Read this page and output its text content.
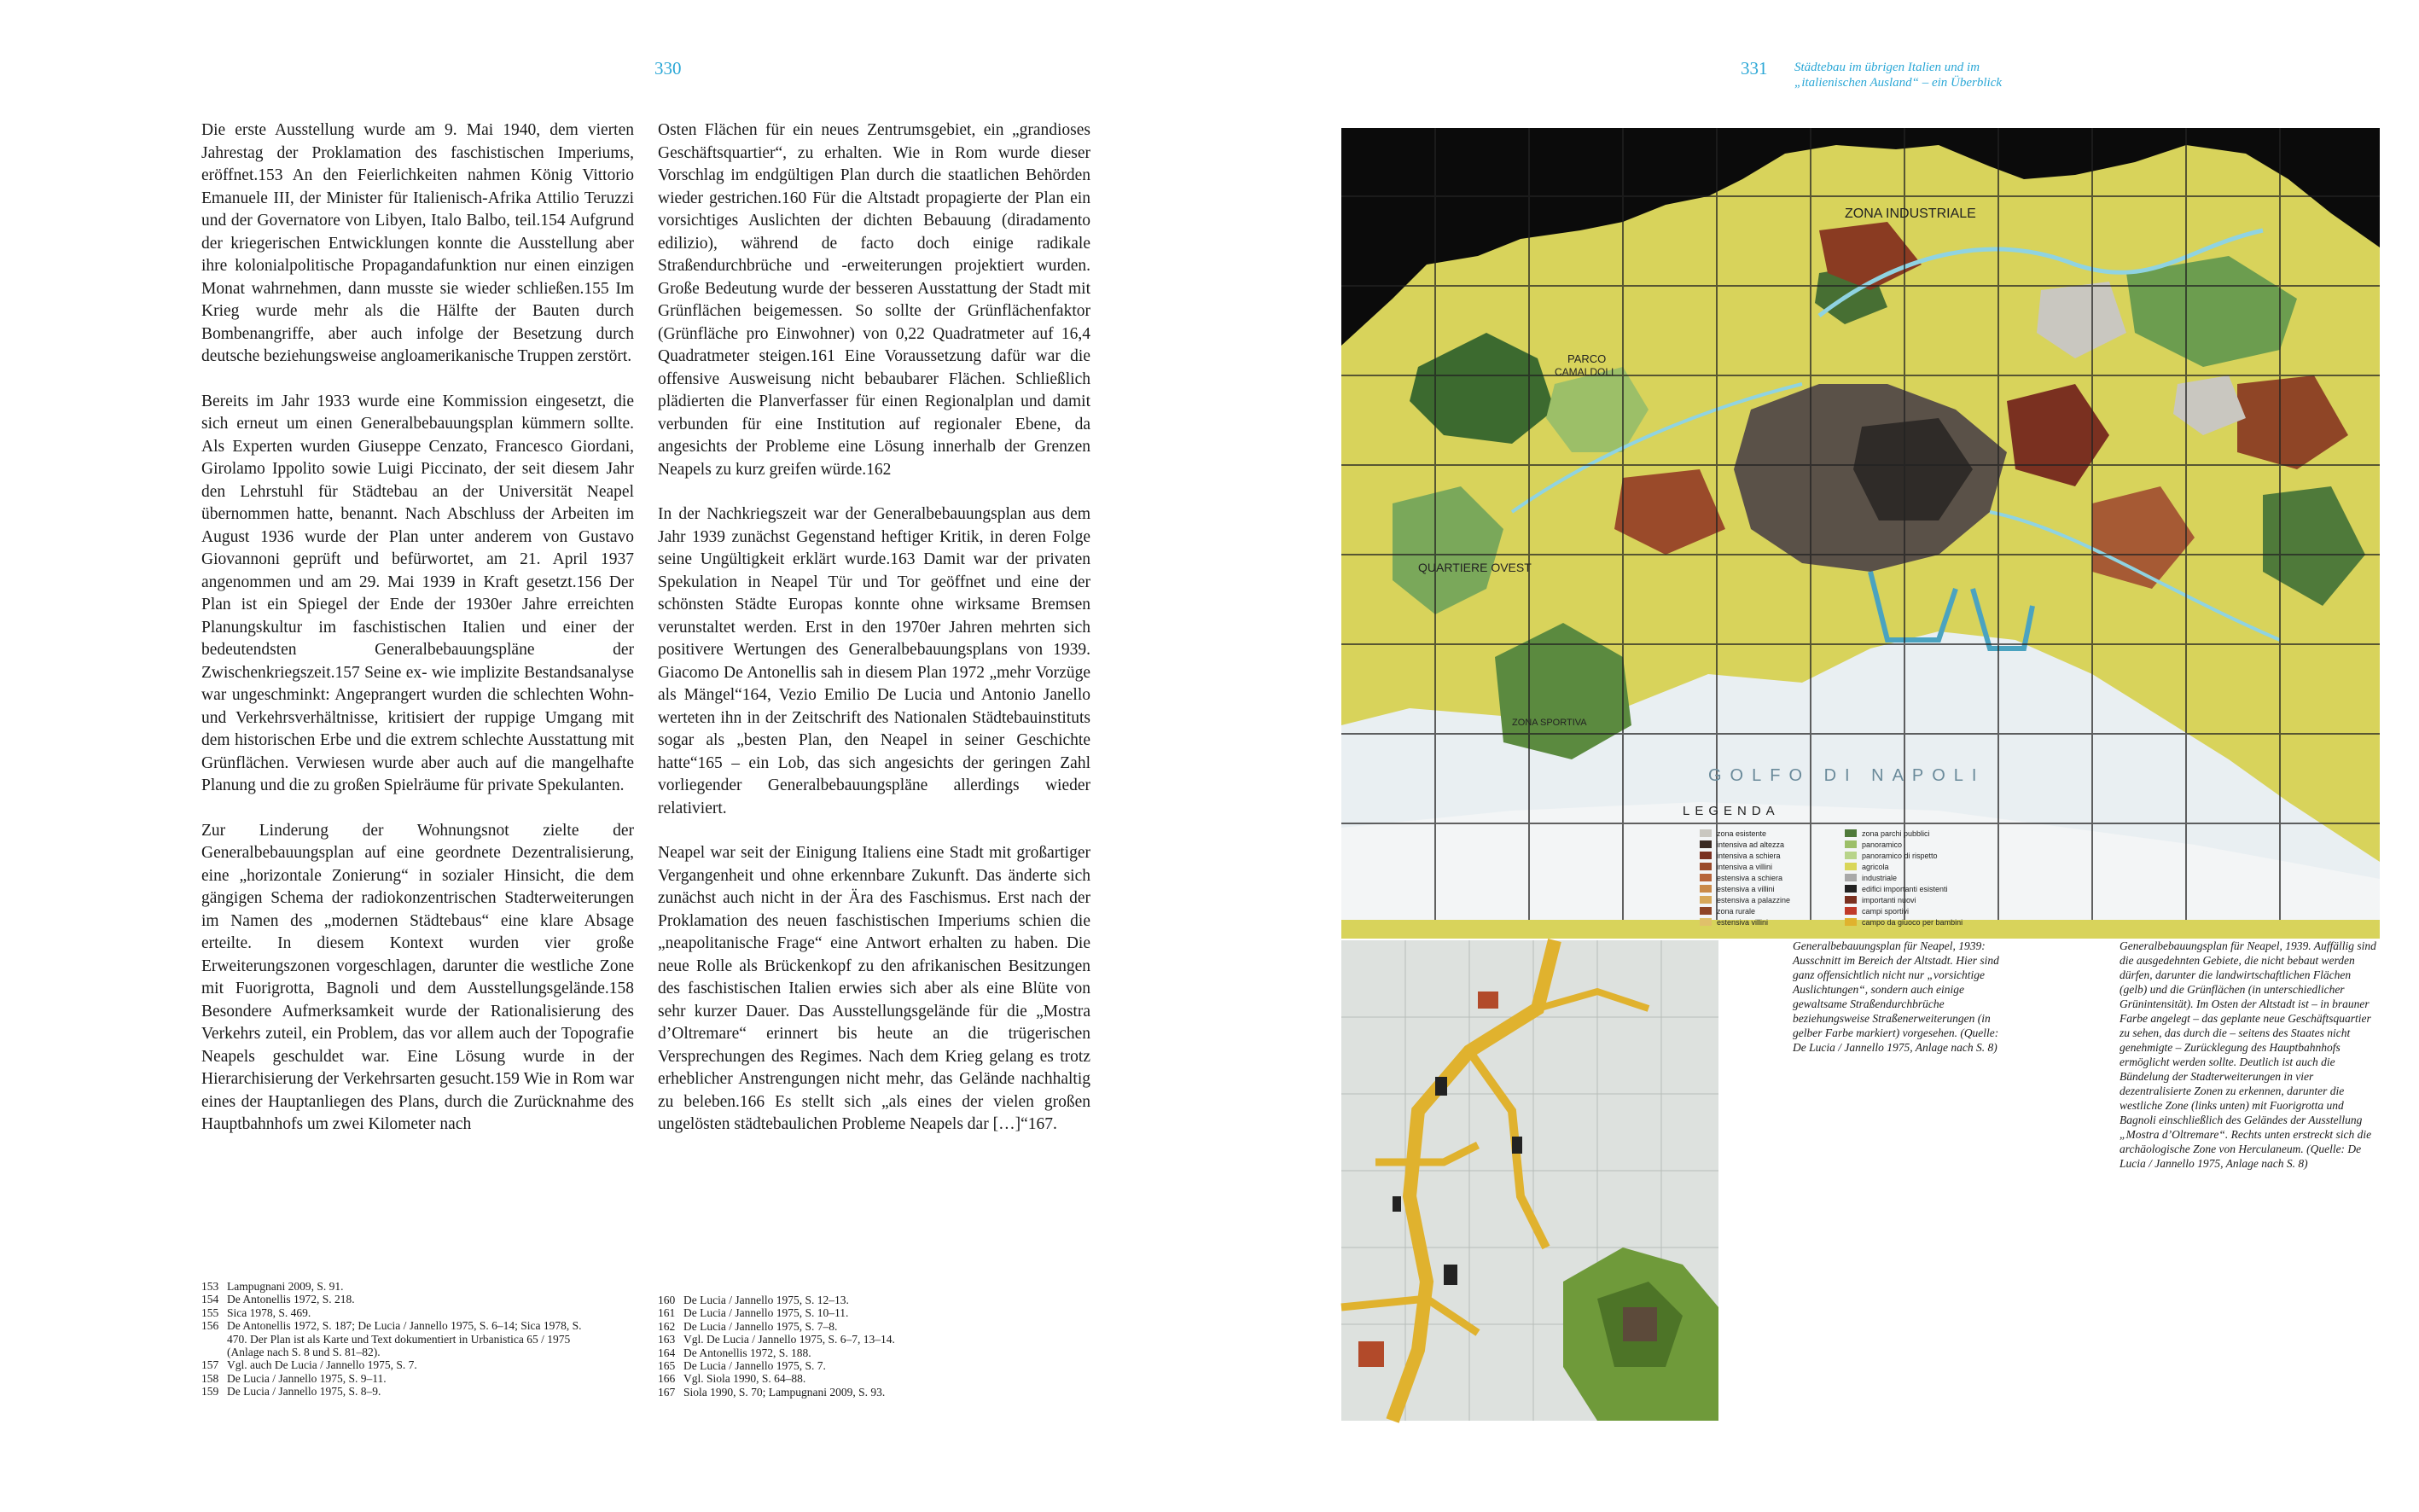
330

Die erste Ausstellung wurde am 9. Mai 1940, dem vierten Jahrestag der Proklamation des faschistischen Imperiums, eröffnet.153 An den Feierlichkeiten nahmen König Vittorio Emanuele III, der Minister für Italienisch-Afrika Attilio Teruzzi und der Governatore von Libyen, Italo Balbo, teil.154 Aufgrund der kriegerischen Entwicklungen konnte die Ausstellung aber ihre kolonialpolitische Propagandafunktion nur einen einzigen Monat wahrnehmen, dann musste sie wieder schließen.155 Im Krieg wurde mehr als die Hälfte der Bauten durch Bombenangriffe, aber auch infolge der Besetzung durch deutsche beziehungsweise angloamerikanische Truppen zerstört.

Bereits im Jahr 1933 wurde eine Kommission eingesetzt, die sich erneut um einen Generalbebauungsplan kümmern sollte. Als Experten wurden Giuseppe Cenzato, Francesco Giordani, Girolamo Ippolito sowie Luigi Piccinato, der seit diesem Jahr den Lehrstuhl für Städtebau an der Universität Neapel übernommen hatte, benannt. Nach Abschluss der Arbeiten im August 1936 wurde der Plan unter anderem von Gustavo Giovannoni geprüft und befürwortet, am 21. April 1937 angenommen und am 29. Mai 1939 in Kraft gesetzt.156 Der Plan ist ein Spiegel der Ende der 1930er Jahre erreichten Planungskultur im faschistischen Italien und einer der bedeutendsten Generalbebauungspläne der Zwischenkriegszeit.157 Seine ex- wie implizite Bestandsanalyse war ungeschminkt: Angeprangert wurden die schlechten Wohn- und Verkehrsverhältnisse, kritisiert der ruppige Umgang mit dem historischen Erbe und die extrem schlechte Ausstattung mit Grünflächen. Verwiesen wurde aber auch auf die mangelhafte Planung und die zu großen Spielräume für private Spekulanten.

Zur Linderung der Wohnungsnot zielte der Generalbebauungsplan auf eine geordnete Dezentralisierung, eine „horizontale Zonierung“ in sozialer Hinsicht, die dem gängigen Schema der radiokonzentrischen Stadterweiterungen im Namen des „modernen Städtebaus“ eine klare Absage erteilte. In diesem Kontext wurden vier große Erweiterungszonen vorgeschlagen, darunter die westliche Zone mit Fuorigrotta, Bagnoli und dem Ausstellungsgelände.158 Besondere Aufmerksamkeit wurde der Rationalisierung des Verkehrs zuteil, ein Problem, das vor allem auch der Topografie Neapels geschuldet war. Eine Lösung wurde in der Hierarchisierung der Verkehrsarten gesucht.159 Wie in Rom war eines der Hauptanliegen des Plans, durch die Zurücknahme des Hauptbahnhofs um zwei Kilometer nach

Osten Flächen für ein neues Zentrumsgebiet, ein „grandioses Geschäftsquartier“, zu erhalten. Wie in Rom wurde dieser Vorschlag im endgültigen Plan durch die staatlichen Behörden wieder gestrichen.160 Für die Altstadt propagierte der Plan ein vorsichtiges Auslichten der dichten Bebauung (diradamento edilizio), während de facto doch einige radikale Straßendurchbrüche und -erweiterungen projektiert wurden. Große Bedeutung wurde der besseren Ausstattung der Stadt mit Grünflächen beigemessen. So sollte der Grünflächenfaktor (Grünfläche pro Einwohner) von 0,22 Quadratmeter auf 16,4 Quadratmeter steigen.161 Eine Voraussetzung dafür war die offensive Ausweisung nicht bebaubarer Flächen. Schließlich plädierten die Planverfasser für einen Regionalplan und damit verbunden für eine Institution auf regionaler Ebene, da angesichts der Probleme eine Lösung innerhalb der Grenzen Neapels zu kurz greifen würde.162

In der Nachkriegszeit war der Generalbebauungsplan aus dem Jahr 1939 zunächst Gegenstand heftiger Kritik, in deren Folge seine Ungültigkeit erklärt wurde.163 Damit war der privaten Spekulation in Neapel Tür und Tor geöffnet und eine der schönsten Städte Europas konnte ohne wirksame Bremsen verunstaltet werden. Erst in den 1970er Jahren mehrten sich positivere Wertungen des Generalbebauungsplans von 1939. Giacomo De Antonellis sah in diesem Plan 1972 „mehr Vorzüge als Mängel“164, Vezio Emilio De Lucia und Antonio Janello werteten ihn in der Zeitschrift des Nationalen Städtebauinstituts sogar als „besten Plan, den Neapel in seiner Geschichte hatte“165 – ein Lob, das sich angesichts der geringen Zahl vorliegender Generalbebauungspläne allerdings wieder relativiert.

Neapel war seit der Einigung Italiens eine Stadt mit großartiger Vergangenheit und ohne erkennbare Zukunft. Das änderte sich zunächst auch nicht in der Ära des Faschismus. Erst nach der Proklamation des neuen faschistischen Imperiums schien die „neapolitanische Frage“ eine Antwort erhalten zu haben. Die neue Rolle als Brückenkopf zu den afrikanischen Besitzungen des faschistischen Italien erwies sich aber als eine Blüte von sehr kurzer Dauer. Das Ausstellungsgelände für die „Mostra d’Oltremare“ erinnert bis heute an die trügerischen Versprechungen des Regimes. Nach dem Krieg gelang es trotz erheblicher Anstrengungen nicht mehr, das Gelände nachhaltig zu beleben.166 Es stellt sich „als eines der vielen großen ungelösten städtebaulichen Probleme Neapels dar […]“167.

153 Lampugnani 2009, S. 91.
154 De Antonellis 1972, S. 218.
155 Sica 1978, S. 469.
156 De Antonellis 1972, S. 187; De Lucia / Jannello 1975, S. 6–14; Sica 1978, S. 470. Der Plan ist als Karte und Text dokumentiert in Urbanistica 65 / 1975 (Anlage nach S. 8 und S. 81–82).
157 Vgl. auch De Lucia / Jannello 1975, S. 7.
158 De Lucia / Jannello 1975, S. 9–11.
159 De Lucia / Jannello 1975, S. 8–9.
160 De Lucia / Jannello 1975, S. 12–13.
161 De Lucia / Jannello 1975, S. 10–11.
162 De Lucia / Jannello 1975, S. 7–8.
163 Vgl. De Lucia / Jannello 1975, S. 6–7, 13–14.
164 De Antonellis 1972, S. 188.
165 De Lucia / Jannello 1975, S. 7.
166 Vgl. Siola 1990, S. 64–88.
167 Siola 1990, S. 70; Lampugnani 2009, S. 93.
331 Städtebau im übrigen Italien und im
„italienischen Ausland“ – ein Überblick
ZONA INDUSTRIALE
PARCO
CAMALDOLI
QUARTIERE OVEST
ZONA SPORTIVA
GOLFO DI NAPOLI
LEGENDA
zona esistente
intensiva ad altezza
intensiva a schiera
intensiva a villini
estensiva a schiera
estensiva a villini
estensiva a palazzine
zona rurale
estensiva villini
zona parchi pubblici
panoramico
panoramico di rispetto
agricola
industriale
edifici importanti esistenti
importanti nuovi
campi sportivi
campo da giuoco per bambini
Generalbebauungsplan für Neapel, 1939: Ausschnitt im Bereich der Altstadt. Hier sind ganz offensichtlich nicht nur „vorsichtige Auslichtungen“, sondern auch einige gewaltsame Straßendurchbrüche beziehungsweise Straßenerweiterungen (in gelber Farbe markiert) vorgesehen. (Quelle: De Lucia / Jannello 1975, Anlage nach S. 8)
Generalbebauungsplan für Neapel, 1939. Auffällig sind die ausgedehnten Gebiete, die nicht bebaut werden dürfen, darunter die landwirtschaftlichen Flächen (gelb) und die Grünflächen (in unterschiedlicher Grünintensität). Im Osten der Altstadt ist – in brauner Farbe angelegt – das geplante neue Geschäftsquartier zu sehen, das durch die – seitens des Staates nicht genehmigte – Zurücklegung des Hauptbahnhofs ermöglicht werden sollte. Deutlich ist auch die Bündelung der Stadterweiterungen in vier dezentralisierte Zonen zu erkennen, darunter die westliche Zone (links unten) mit Fuorigrotta und Bagnoli einschließlich des Geländes der Ausstellung „Mostra d’Oltremare“. Rechts unten erstreckt sich die archäologische Zone von Herculaneum. (Quelle: De Lucia / Jannello 1975, Anlage nach S. 8)
